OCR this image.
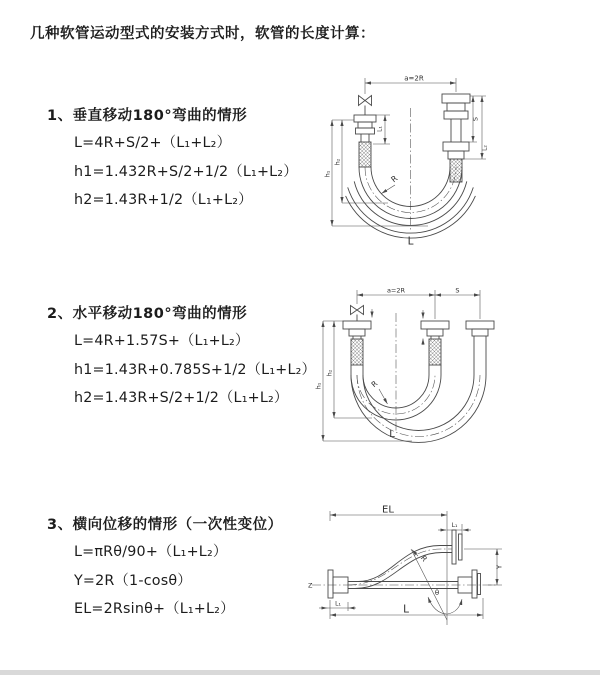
几种软管运动型式的安装方式时，软管的长度计算：
1、垂直移动180°弯曲的情形
L=4R+S/2+（L₁+L₂）
h1=1.432R+S/2+1/2（L₁+L₂）
h2=1.43R+1/2（L₁+L₂）
2、水平移动180°弯曲的情形
L=4R+1.57S+（L₁+L₂）
h1=1.43R+0.785S+1/2（L₁+L₂）
h2=1.43R+S/2+1/2（L₁+L₂）
3、横向位移的情形（一次性变位）
L=πRθ/90+（L₁+L₂）
Y=2R（1-cosθ）
EL=2Rsinθ+（L₁+L₂）
a=2R
L₁
h₁
h₂
S
L₂
R
L
a=2R	S
h₁
h₂
R
L
EL
L₁
L₁
Y
R
θ
L
Z
